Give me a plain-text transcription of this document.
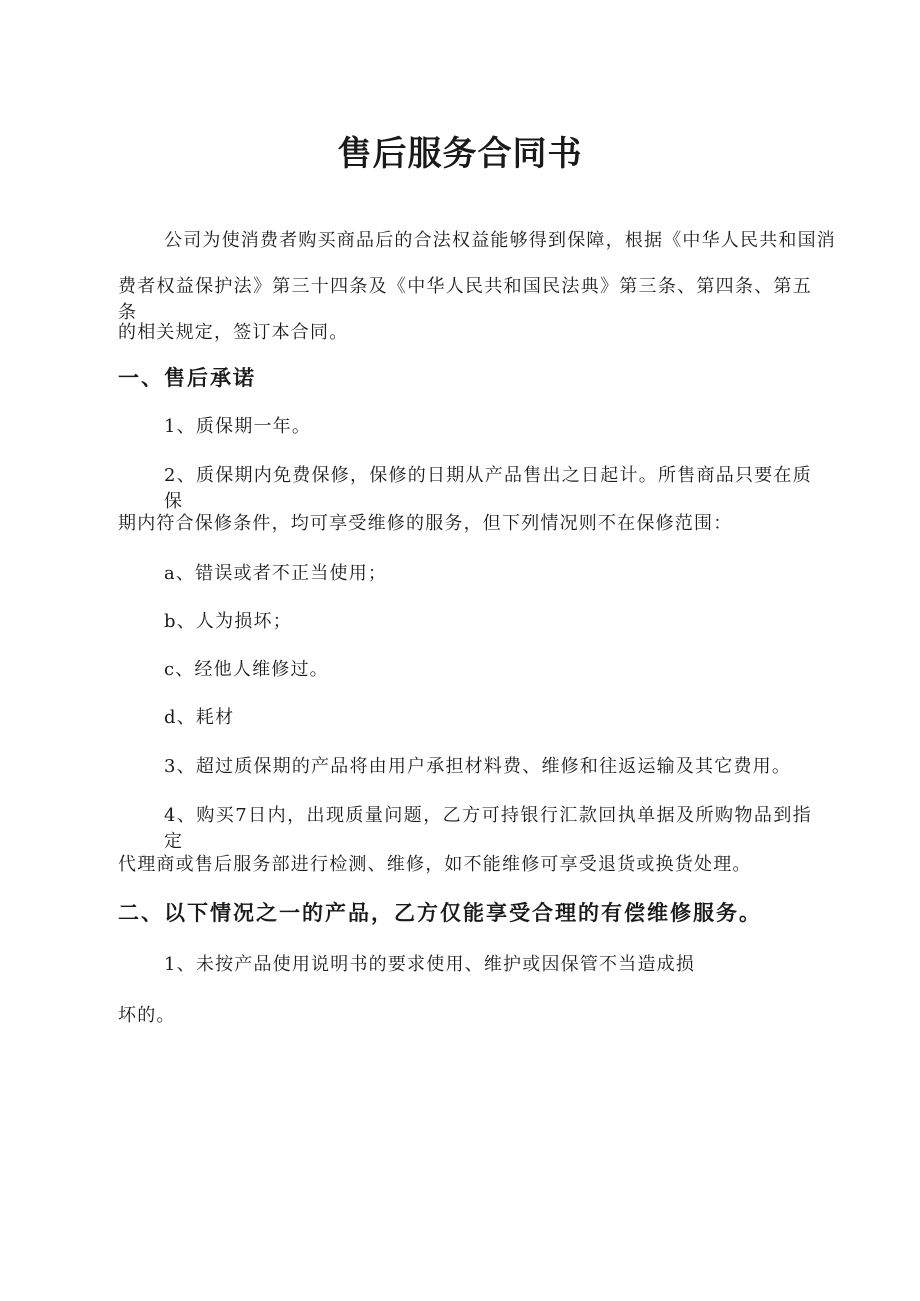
售后服务合同书
公司为使消费者购买商品后的合法权益能够得到保障，根据《中华人民共和国消
费者权益保护法》第三十四条及《中华人民共和国民法典》第三条、第四条、第五条
的相关规定，签订本合同。
一、售后承诺
1、质保期一年。
2、质保期内免费保修，保修的日期从产品售出之日起计。所售商品只要在质保
期内符合保修条件，均可享受维修的服务，但下列情况则不在保修范围：
a、错误或者不正当使用；
b、人为损坏；
c、经他人维修过。
d、耗材
3、超过质保期的产品将由用户承担材料费、维修和往返运输及其它费用。
4、购买7日内，出现质量问题，乙方可持银行汇款回执单据及所购物品到指定
代理商或售后服务部进行检测、维修，如不能维修可享受退货或换货处理。
二、以下情况之一的产品，乙方仅能享受合理的有偿维修服务。
1、未按产品使用说明书的要求使用、维护或因保管不当造成损
坏的。
